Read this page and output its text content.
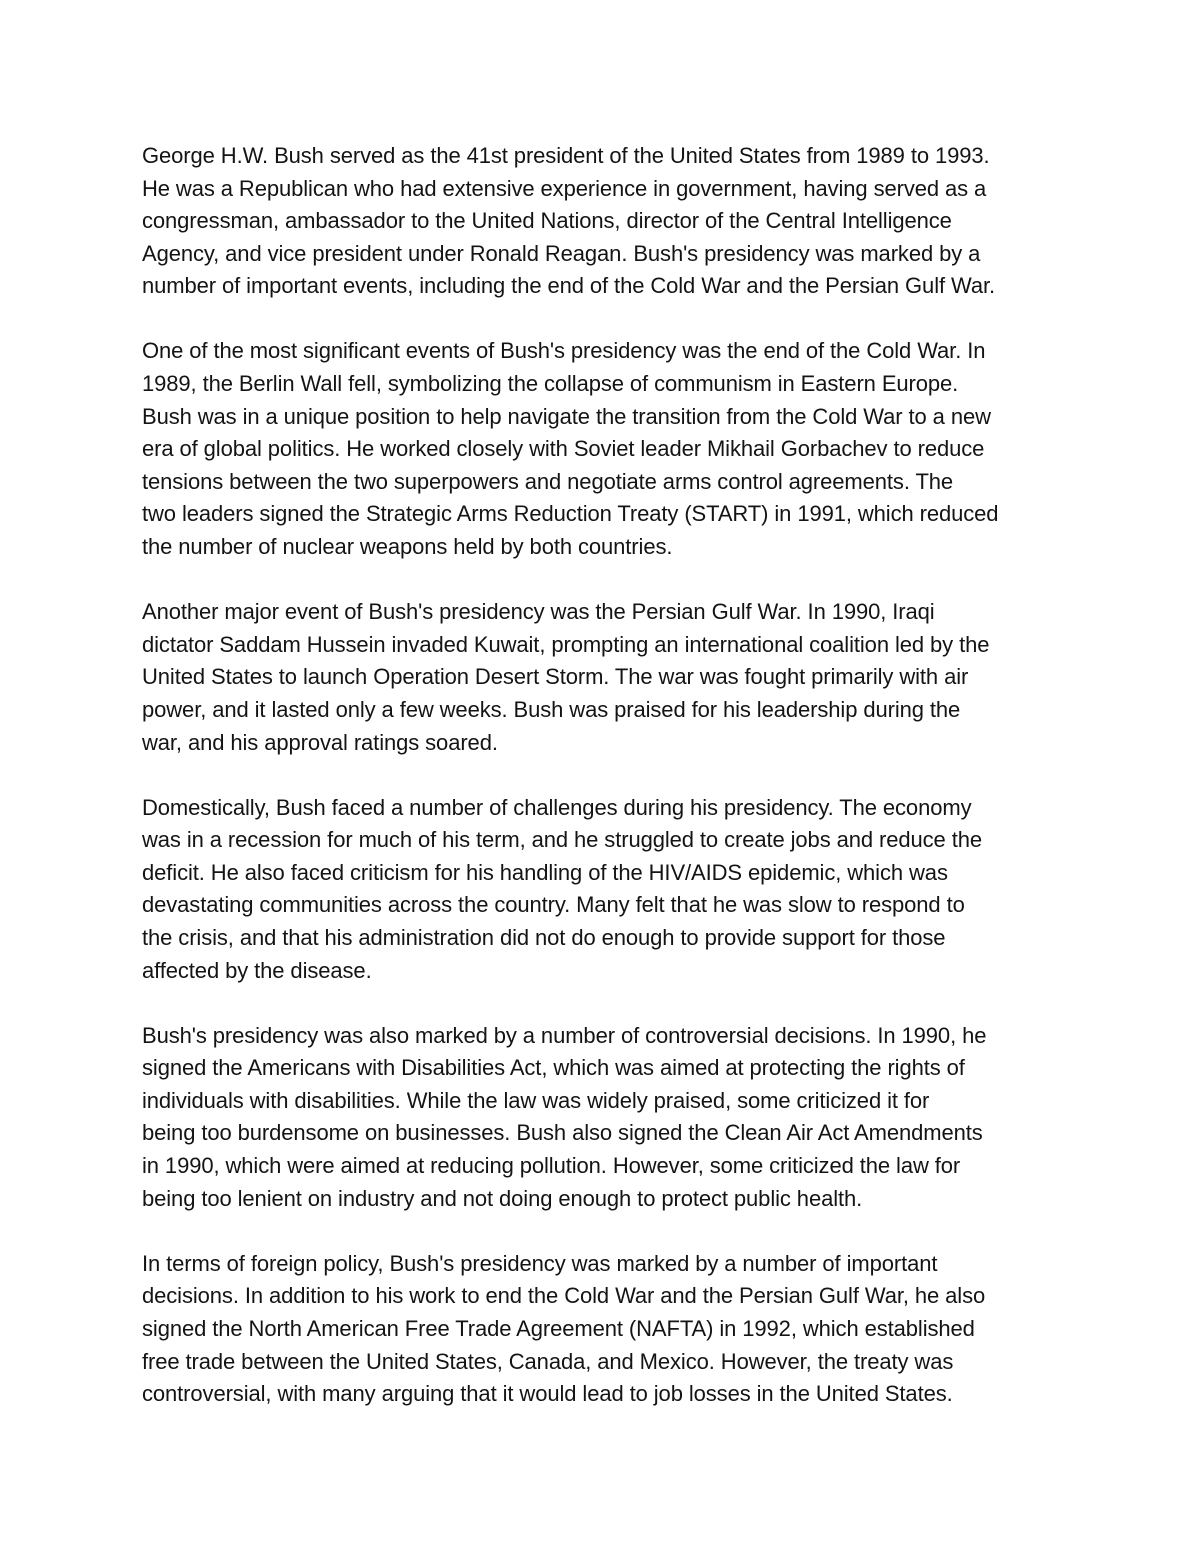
George H.W. Bush served as the 41st president of the United States from 1989 to 1993.
He was a Republican who had extensive experience in government, having served as a
congressman, ambassador to the United Nations, director of the Central Intelligence
Agency, and vice president under Ronald Reagan. Bush's presidency was marked by a
number of important events, including the end of the Cold War and the Persian Gulf War.

One of the most significant events of Bush's presidency was the end of the Cold War. In
1989, the Berlin Wall fell, symbolizing the collapse of communism in Eastern Europe.
Bush was in a unique position to help navigate the transition from the Cold War to a new
era of global politics. He worked closely with Soviet leader Mikhail Gorbachev to reduce
tensions between the two superpowers and negotiate arms control agreements. The
two leaders signed the Strategic Arms Reduction Treaty (START) in 1991, which reduced
the number of nuclear weapons held by both countries.

Another major event of Bush's presidency was the Persian Gulf War. In 1990, Iraqi
dictator Saddam Hussein invaded Kuwait, prompting an international coalition led by the
United States to launch Operation Desert Storm. The war was fought primarily with air
power, and it lasted only a few weeks. Bush was praised for his leadership during the
war, and his approval ratings soared.

Domestically, Bush faced a number of challenges during his presidency. The economy
was in a recession for much of his term, and he struggled to create jobs and reduce the
deficit. He also faced criticism for his handling of the HIV/AIDS epidemic, which was
devastating communities across the country. Many felt that he was slow to respond to
the crisis, and that his administration did not do enough to provide support for those
affected by the disease.

Bush's presidency was also marked by a number of controversial decisions. In 1990, he
signed the Americans with Disabilities Act, which was aimed at protecting the rights of
individuals with disabilities. While the law was widely praised, some criticized it for
being too burdensome on businesses. Bush also signed the Clean Air Act Amendments
in 1990, which were aimed at reducing pollution. However, some criticized the law for
being too lenient on industry and not doing enough to protect public health.

In terms of foreign policy, Bush's presidency was marked by a number of important
decisions. In addition to his work to end the Cold War and the Persian Gulf War, he also
signed the North American Free Trade Agreement (NAFTA) in 1992, which established
free trade between the United States, Canada, and Mexico. However, the treaty was
controversial, with many arguing that it would lead to job losses in the United States.
